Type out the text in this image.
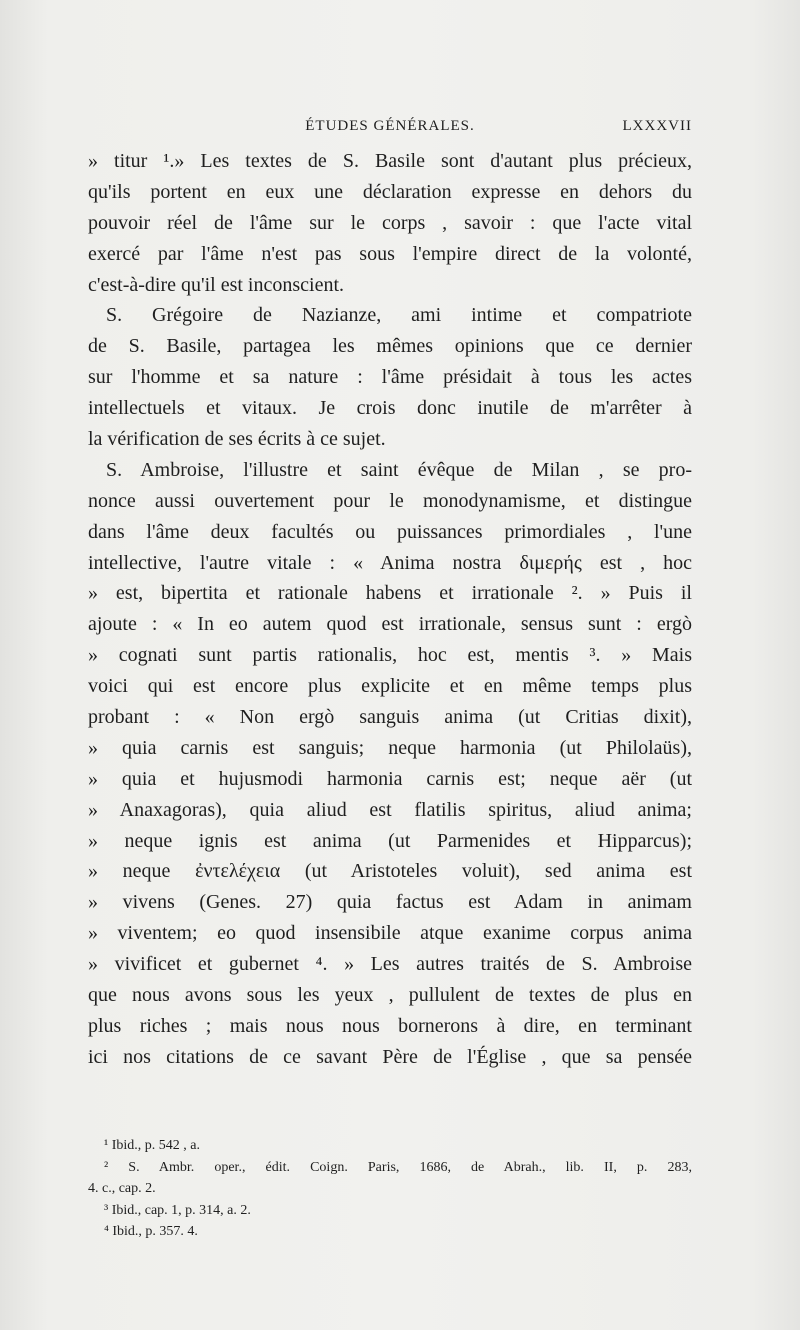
ÉTUDES GÉNÉRALES.	LXXXVII
» titur ¹.» Les textes de S. Basile sont d'autant plus précieux,
qu'ils portent en eux une déclaration expresse en dehors du
pouvoir réel de l'âme sur le corps , savoir : que l'acte vital
exercé par l'âme n'est pas sous l'empire direct de la volonté,
c'est-à-dire qu'il est inconscient.
S. Grégoire de Nazianze, ami intime et compatriote
de S. Basile, partagea les mêmes opinions que ce dernier
sur l'homme et sa nature : l'âme présidait à tous les actes
intellectuels et vitaux. Je crois donc inutile de m'arrêter à
la vérification de ses écrits à ce sujet.
S. Ambroise, l'illustre et saint évêque de Milan , se pro-
nonce aussi ouvertement pour le monodynamisme, et distingue
dans l'âme deux facultés ou puissances primordiales , l'une
intellective, l'autre vitale : « Anima nostra διμερής est , hoc
» est, bipertita et rationale habens et irrationale ². » Puis il
ajoute : « In eo autem quod est irrationale, sensus sunt : ergò
» cognati sunt partis rationalis, hoc est, mentis ³. » Mais
voici qui est encore plus explicite et en même temps plus
probant : « Non ergò sanguis anima (ut Critias dixit),
» quia carnis est sanguis; neque harmonia (ut Philolaüs),
» quia et hujusmodi harmonia carnis est; neque aër (ut
» Anaxagoras), quia aliud est flatilis spiritus, aliud anima;
» neque ignis est anima (ut Parmenides et Hipparcus);
» neque ἐντελέχεια (ut Aristoteles voluit), sed anima est
» vivens (Genes. 27) quia factus est Adam in animam
» viventem; eo quod insensibile atque exanime corpus anima
» vivificet et gubernet ⁴. » Les autres traités de S. Ambroise
que nous avons sous les yeux , pullulent de textes de plus en
plus riches ; mais nous nous bornerons à dire, en terminant
ici nos citations de ce savant Père de l'Église , que sa pensée
¹ Ibid., p. 542 , a.
² S. Ambr. oper., édit. Coign. Paris, 1686, de Abrah., lib. II, p. 283,
4. c., cap. 2.
³ Ibid., cap. 1, p. 314, a. 2.
⁴ Ibid., p. 357. 4.
